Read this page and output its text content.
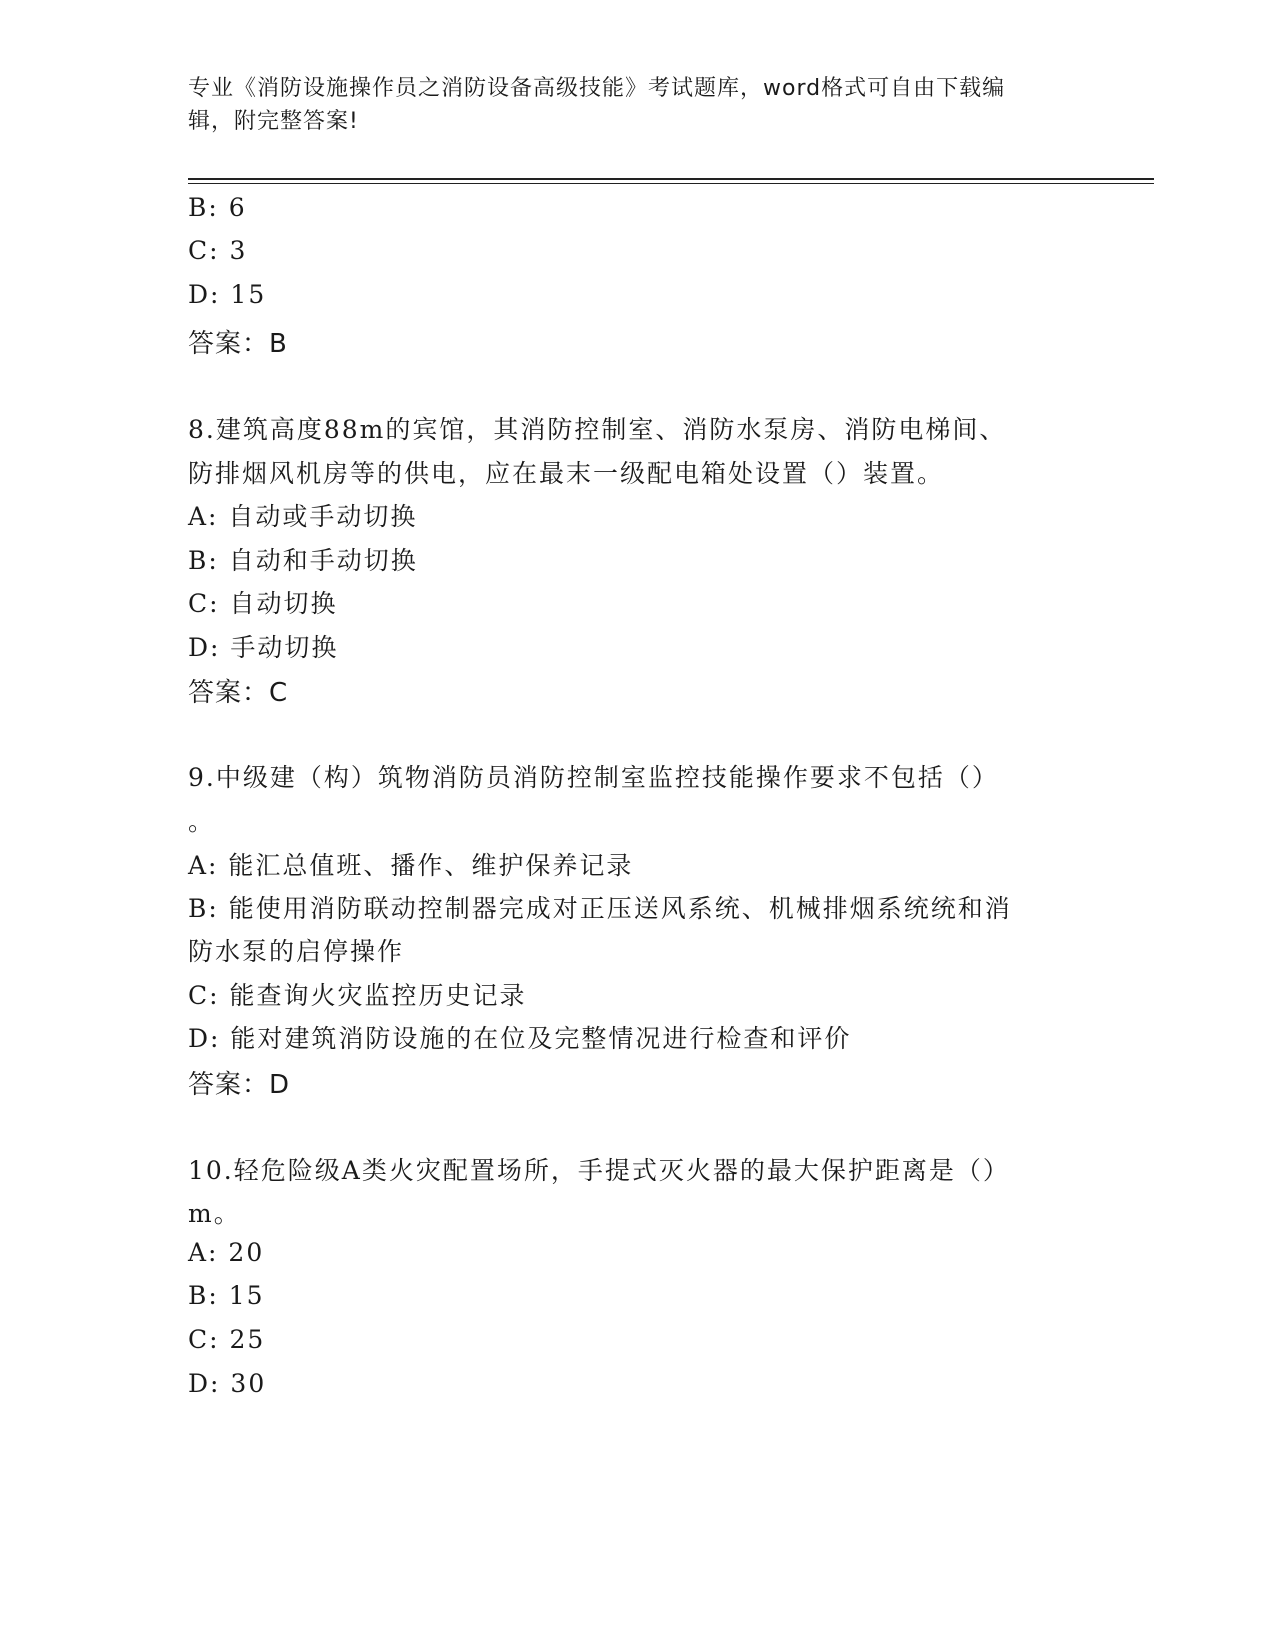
专业《消防设施操作员之消防设备高级技能》考试题库，word格式可自由下载编
辑，附完整答案!
B: 6
C: 3
D: 15
答案：B
8.建筑高度88m的宾馆，其消防控制室、消防水泵房、消防电梯间、
防排烟风机房等的供电，应在最末一级配电箱处设置（）装置。
A: 自动或手动切换
B: 自动和手动切换
C: 自动切换
D: 手动切换
答案：C
9.中级建（构）筑物消防员消防控制室监控技能操作要求不包括（）
。
A: 能汇总值班、播作、维护保养记录
B: 能使用消防联动控制器完成对正压送风系统、机械排烟系统统和消
防水泵的启停操作
C: 能查询火灾监控历史记录
D: 能对建筑消防设施的在位及完整情况进行检查和评价
答案：D
10.轻危险级A类火灾配置场所，手提式灭火器的最大保护距离是（）
m。
A: 20
B: 15
C: 25
D: 30
